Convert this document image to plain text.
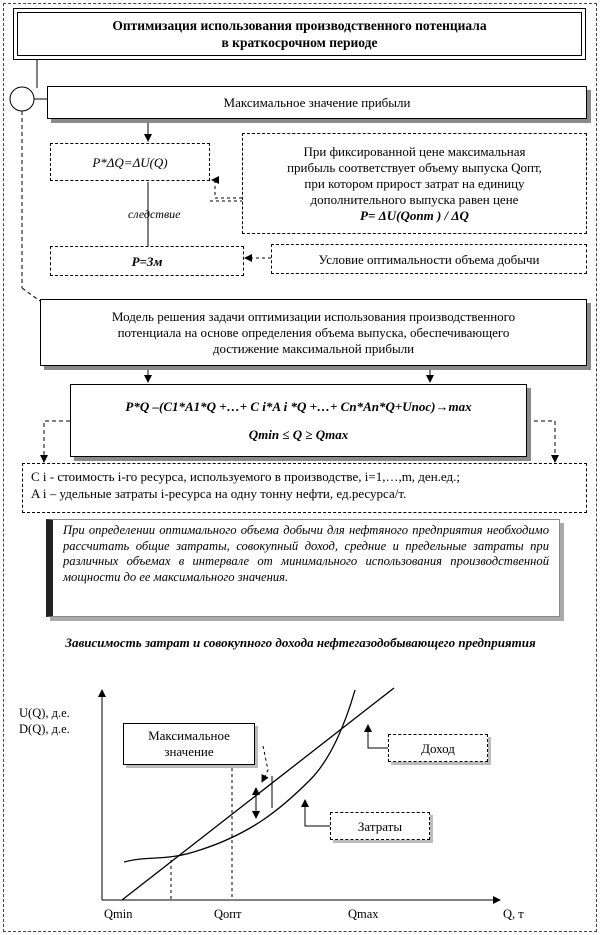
Оптимизация использования производственного потенциала
в краткосрочном периоде
Максимальное значение прибыли
P*ΔQ=ΔU(Q)
следствие
При фиксированной цене максимальная
прибыль соответствует объему выпуска Qопт,
при котором прирост затрат на единицу
дополнительного выпуска равен цене
P= ΔU(Qопт ) / ΔQ
P=Зм	Условие оптимальности объема добычи
Модель решения задачи оптимизации использования производственного
потенциала на основе определения объема выпуска, обеспечивающего
достижение максимальной прибыли
P*Q –(C1*A1*Q +…+ C i*A i *Q +…+ Cn*An*Q+Uпос)→max
Qmin ≤ Q ≥ Qmax
C i - стоимость i-го ресурса, используемого в производстве, i=1,…,m, ден.ед.;
A i – удельные затраты i-ресурса на одну тонну нефти, ед.ресурса/т.
При определении оптимального объема добычи для нефтяного предприятия необходимо рассчитать общие затраты, совокупный доход, средние и предельные затраты при различных объемах в интервале от минимального использования производственной мощности до ее максимального значения.
Зависимость затрат и совокупного дохода нефтегазодобывающего предприятия
U(Q), д.е.
D(Q), д.е.	Максимальное значение	Доход
Затраты
Qmin	Qопт	Qmax	Q, т
